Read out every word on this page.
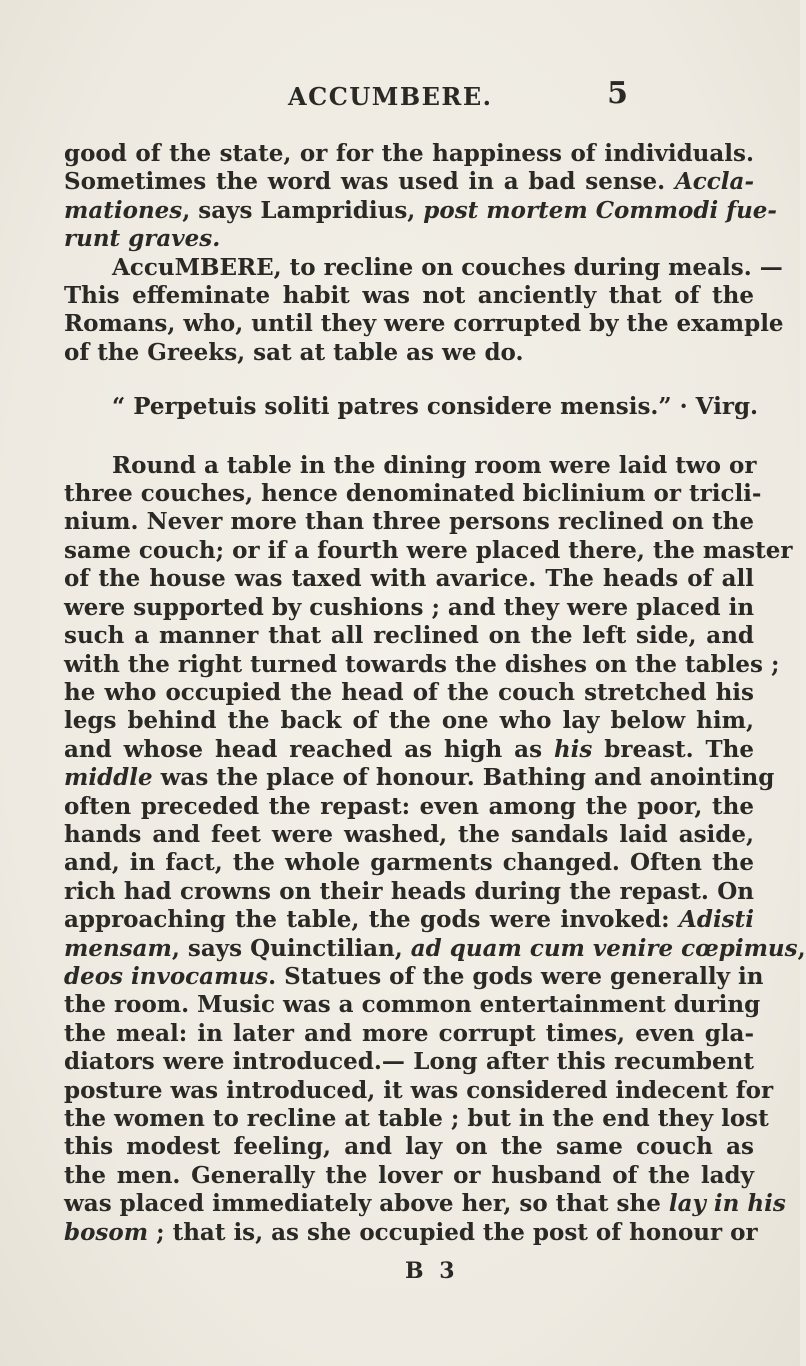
ACCUMBERE.	5
good of the state, or for the happiness of individuals.
Sometimes the word was used in a bad sense. Accla-
mationes, says Lampridius, post mortem Commodi fue-
runt graves.
AccuMBERE, to recline on couches during meals. —
This effeminate habit was not anciently that of the
Romans, who, until they were corrupted by the example
of the Greeks, sat at table as we do.
“ Perpetuis soliti patres considere mensis.” · Virg.
Round a table in the dining room were laid two or
three couches, hence denominated biclinium or tricli-
nium. Never more than three persons reclined on the
same couch; or if a fourth were placed there, the master
of the house was taxed with avarice. The heads of all
were supported by cushions ; and they were placed in
such a manner that all reclined on the left side, and
with the right turned towards the dishes on the tables ;
he who occupied the head of the couch stretched his
legs behind the back of the one who lay below him,
and whose head reached as high as his breast. The
middle was the place of honour. Bathing and anointing
often preceded the repast: even among the poor, the
hands and feet were washed, the sandals laid aside,
and, in fact, the whole garments changed. Often the
rich had crowns on their heads during the repast. On
approaching the table, the gods were invoked: Adisti
mensam, says Quinctilian, ad quam cum venire cœpimus,
deos invocamus. Statues of the gods were generally in
the room. Music was a common entertainment during
the meal: in later and more corrupt times, even gla-
diators were introduced.— Long after this recumbent
posture was introduced, it was considered indecent for
the women to recline at table ; but in the end they lost
this modest feeling, and lay on the same couch as
the men. Generally the lover or husband of the lady
was placed immediately above her, so that she lay in his
bosom ; that is, as she occupied the post of honour or
B 3
